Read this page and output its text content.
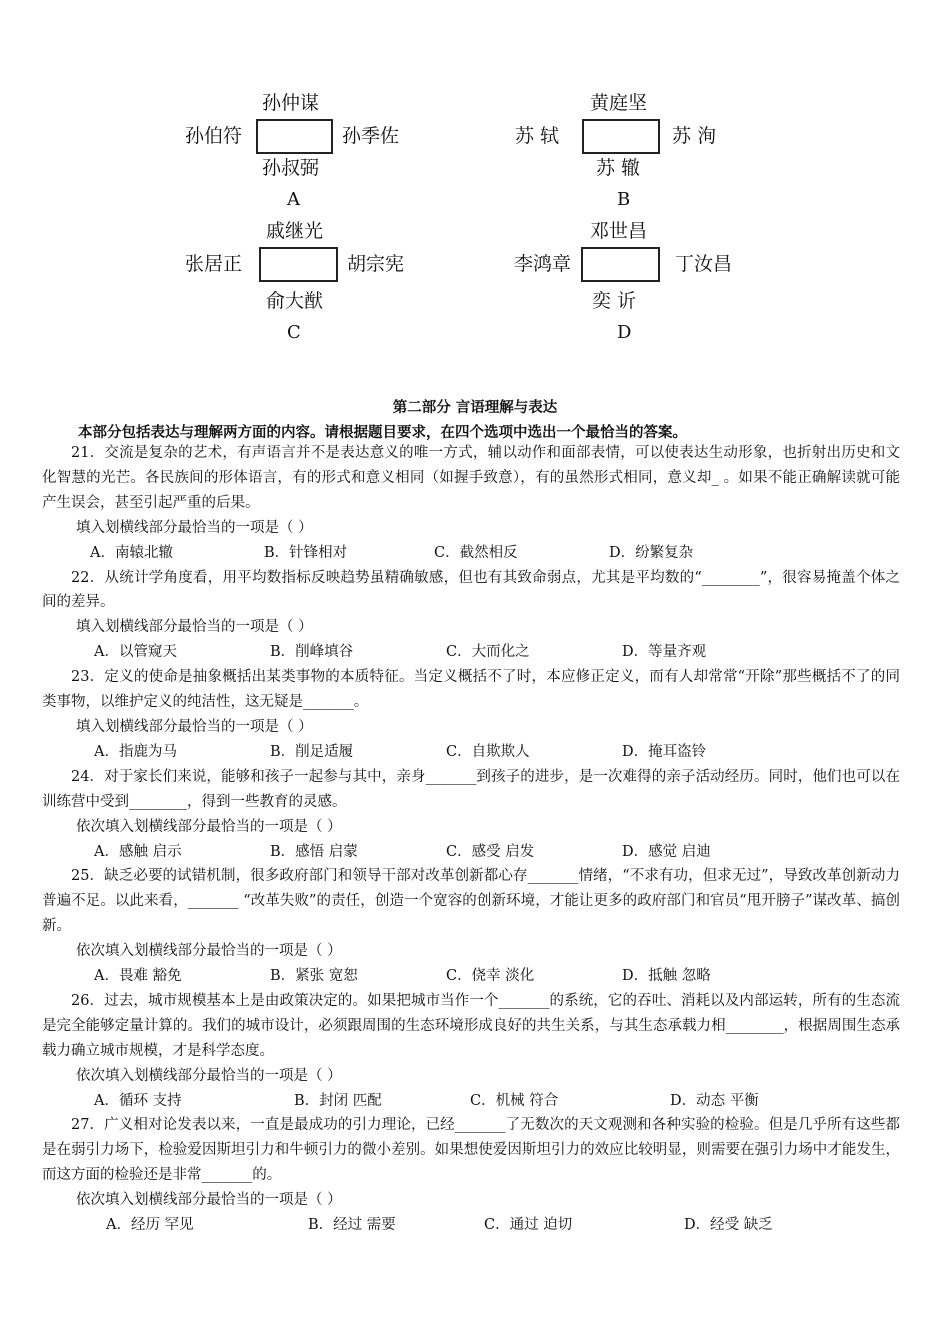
孙仲谋
孙伯符	孙季佐
孙叔弼
A
黄庭坚
苏 轼	苏 洵
苏 辙
B
戚继光
张居正	胡宗宪
俞大猷
C
邓世昌
李鸿章	丁汝昌
奕 䜣
D
第二部分 言语理解与表达
本部分包括表达与理解两方面的内容。请根据题目要求，在四个选项中选出一个最恰当的答案。

21．交流是复杂的艺术，有声语言并不是表达意义的唯一方式，辅以动作和面部表情，可以使表达生动形象，也折射出历史和文化智慧的光芒。各民族间的形体语言，有的形式和意义相同（如握手致意），有的虽然形式相同，意义却_ 。如果不能正确解读就可能产生误会，甚至引起严重的后果。

填入划横线部分最恰当的一项是（ ）

A．南辕北辙	B．针锋相对	C．截然相反	D．纷繁复杂

22．从统计学角度看，用平均数指标反映趋势虽精确敏感，但也有其致命弱点，尤其是平均数的“________”，很容易掩盖个体之间的差异。

填入划横线部分最恰当的一项是（ ）

A．以管窥天	B．削峰填谷	C．大而化之	D．等量齐观

23．定义的使命是抽象概括出某类事物的本质特征。当定义概括不了时，本应修正定义，而有人却常常“开除”那些概括不了的同类事物，以维护定义的纯洁性，这无疑是_______。

填入划横线部分最恰当的一项是（ ）

A．指鹿为马	B．削足适履	C．自欺欺人	D．掩耳盗铃

24．对于家长们来说，能够和孩子一起参与其中，亲身_______到孩子的进步，是一次难得的亲子活动经历。同时，他们也可以在训练营中受到________，得到一些教育的灵感。

依次填入划横线部分最恰当的一项是（ ）

A．感触 启示	B．感悟 启蒙	C．感受 启发	D．感觉 启迪

25．缺乏必要的试错机制，很多政府部门和领导干部对改革创新都心存_______情绪，“不求有功，但求无过”，导致改革创新动力普遍不足。以此来看，_______ “改革失败”的责任，创造一个宽容的创新环境，才能让更多的政府部门和官员“甩开膀子”谋改革、搞创新。

依次填入划横线部分最恰当的一项是（ ）

A．畏难 豁免	B．紧张 宽恕	C．侥幸 淡化	D．抵触 忽略

26．过去，城市规模基本上是由政策决定的。如果把城市当作一个_______的系统，它的吞吐、消耗以及内部运转，所有的生态流是完全能够定量计算的。我们的城市设计，必须跟周围的生态环境形成良好的共生关系，与其生态承载力相________，根据周围生态承载力确立城市规模，才是科学态度。

依次填入划横线部分最恰当的一项是（ ）

A．循环 支持	B．封闭 匹配	C．机械 符合	D．动态 平衡

27．广义相对论发表以来，一直是最成功的引力理论，已经_______了无数次的天文观测和各种实验的检验。但是几乎所有这些都是在弱引力场下，检验爱因斯坦引力和牛顿引力的微小差别。如果想使爱因斯坦引力的效应比较明显，则需要在强引力场中才能发生，而这方面的检验还是非常_______的。

依次填入划横线部分最恰当的一项是（ ）

A．经历 罕见	B．经过 需要	C．通过 迫切	D．经受 缺乏
